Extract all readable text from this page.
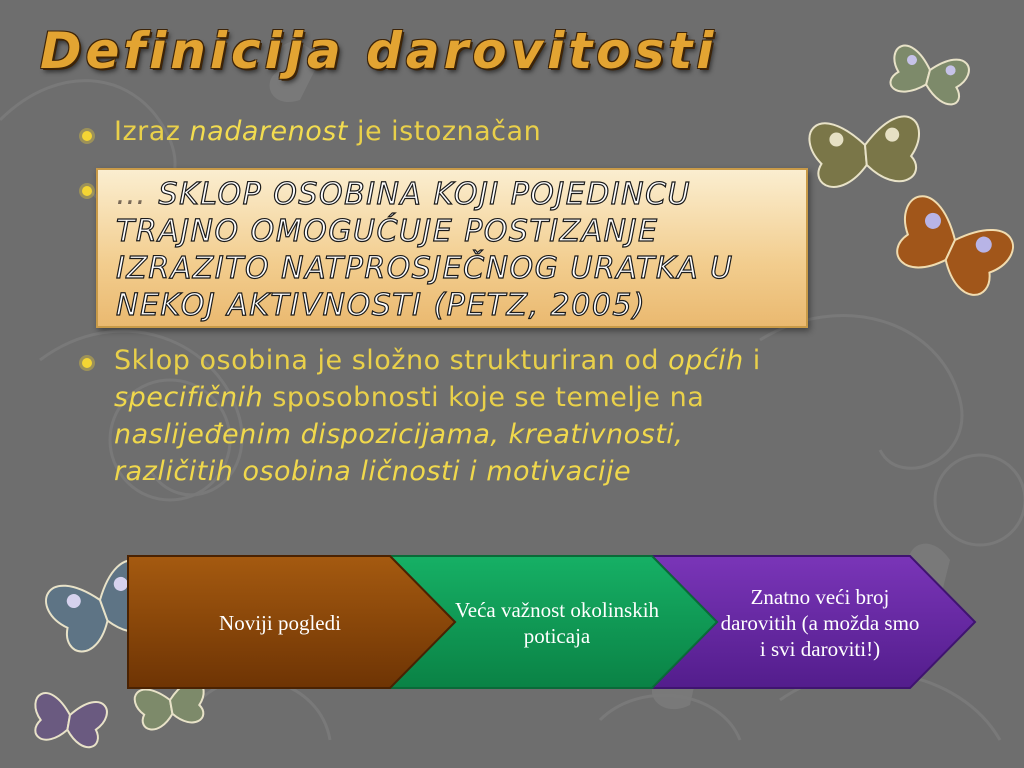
Definicija darovitosti
Izraz nadarenost je istoznačan

… SKLOP OSOBINA KOJI POJEDINCU TRAJNO OMOGUĆUJE POSTIZANJE IZRAZITO NATPROSJEČNOG URATKA U NEKOJ AKTIVNOSTI (PETZ, 2005)

Sklop osobina je složno strukturiran od općih i specifičnih sposobnosti koje se temelje na naslijeđenim dispozicijama, kreativnosti, različitih osobina ličnosti i motivacije
Noviji pogledi
Veća važnost okolinskih poticaja
Znatno veći broj darovitih (a možda smo i svi daroviti!)
